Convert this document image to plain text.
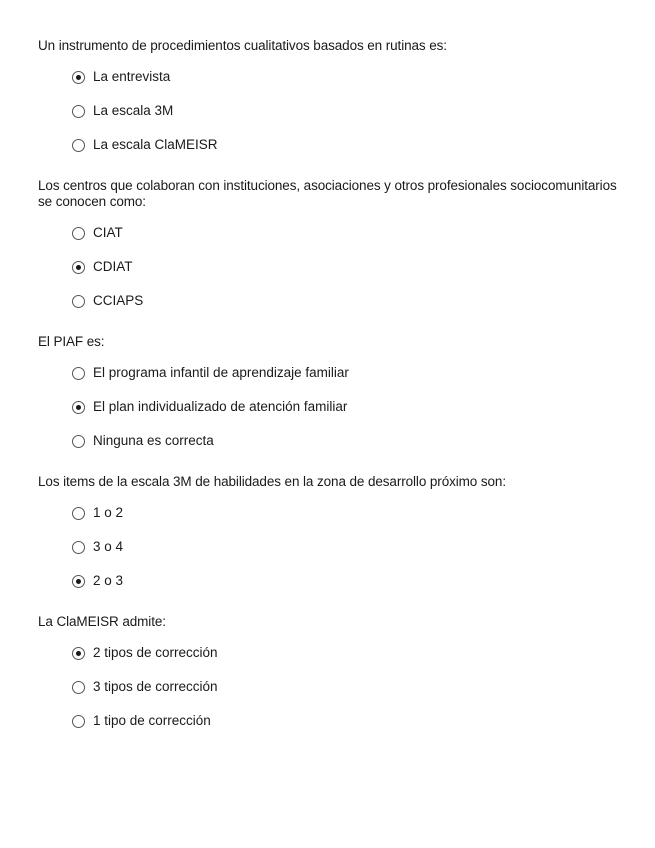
Un instrumento de procedimientos cualitativos basados en rutinas es:

La entrevista
La escala 3M
La escala ClaMEISR

Los centros que colaboran con instituciones, asociaciones y otros profesionales sociocomunitarios se conocen como:

CIAT
CDIAT
CCIAPS

El PIAF es:

El programa infantil de aprendizaje familiar
El plan individualizado de atención familiar
Ninguna es correcta

Los items de la escala 3M de habilidades en la zona de desarrollo próximo son:

1 o 2
3 o 4
2 o 3

La ClaMEISR admite:

2 tipos de corrección
3 tipos de corrección
1 tipo de corrección
